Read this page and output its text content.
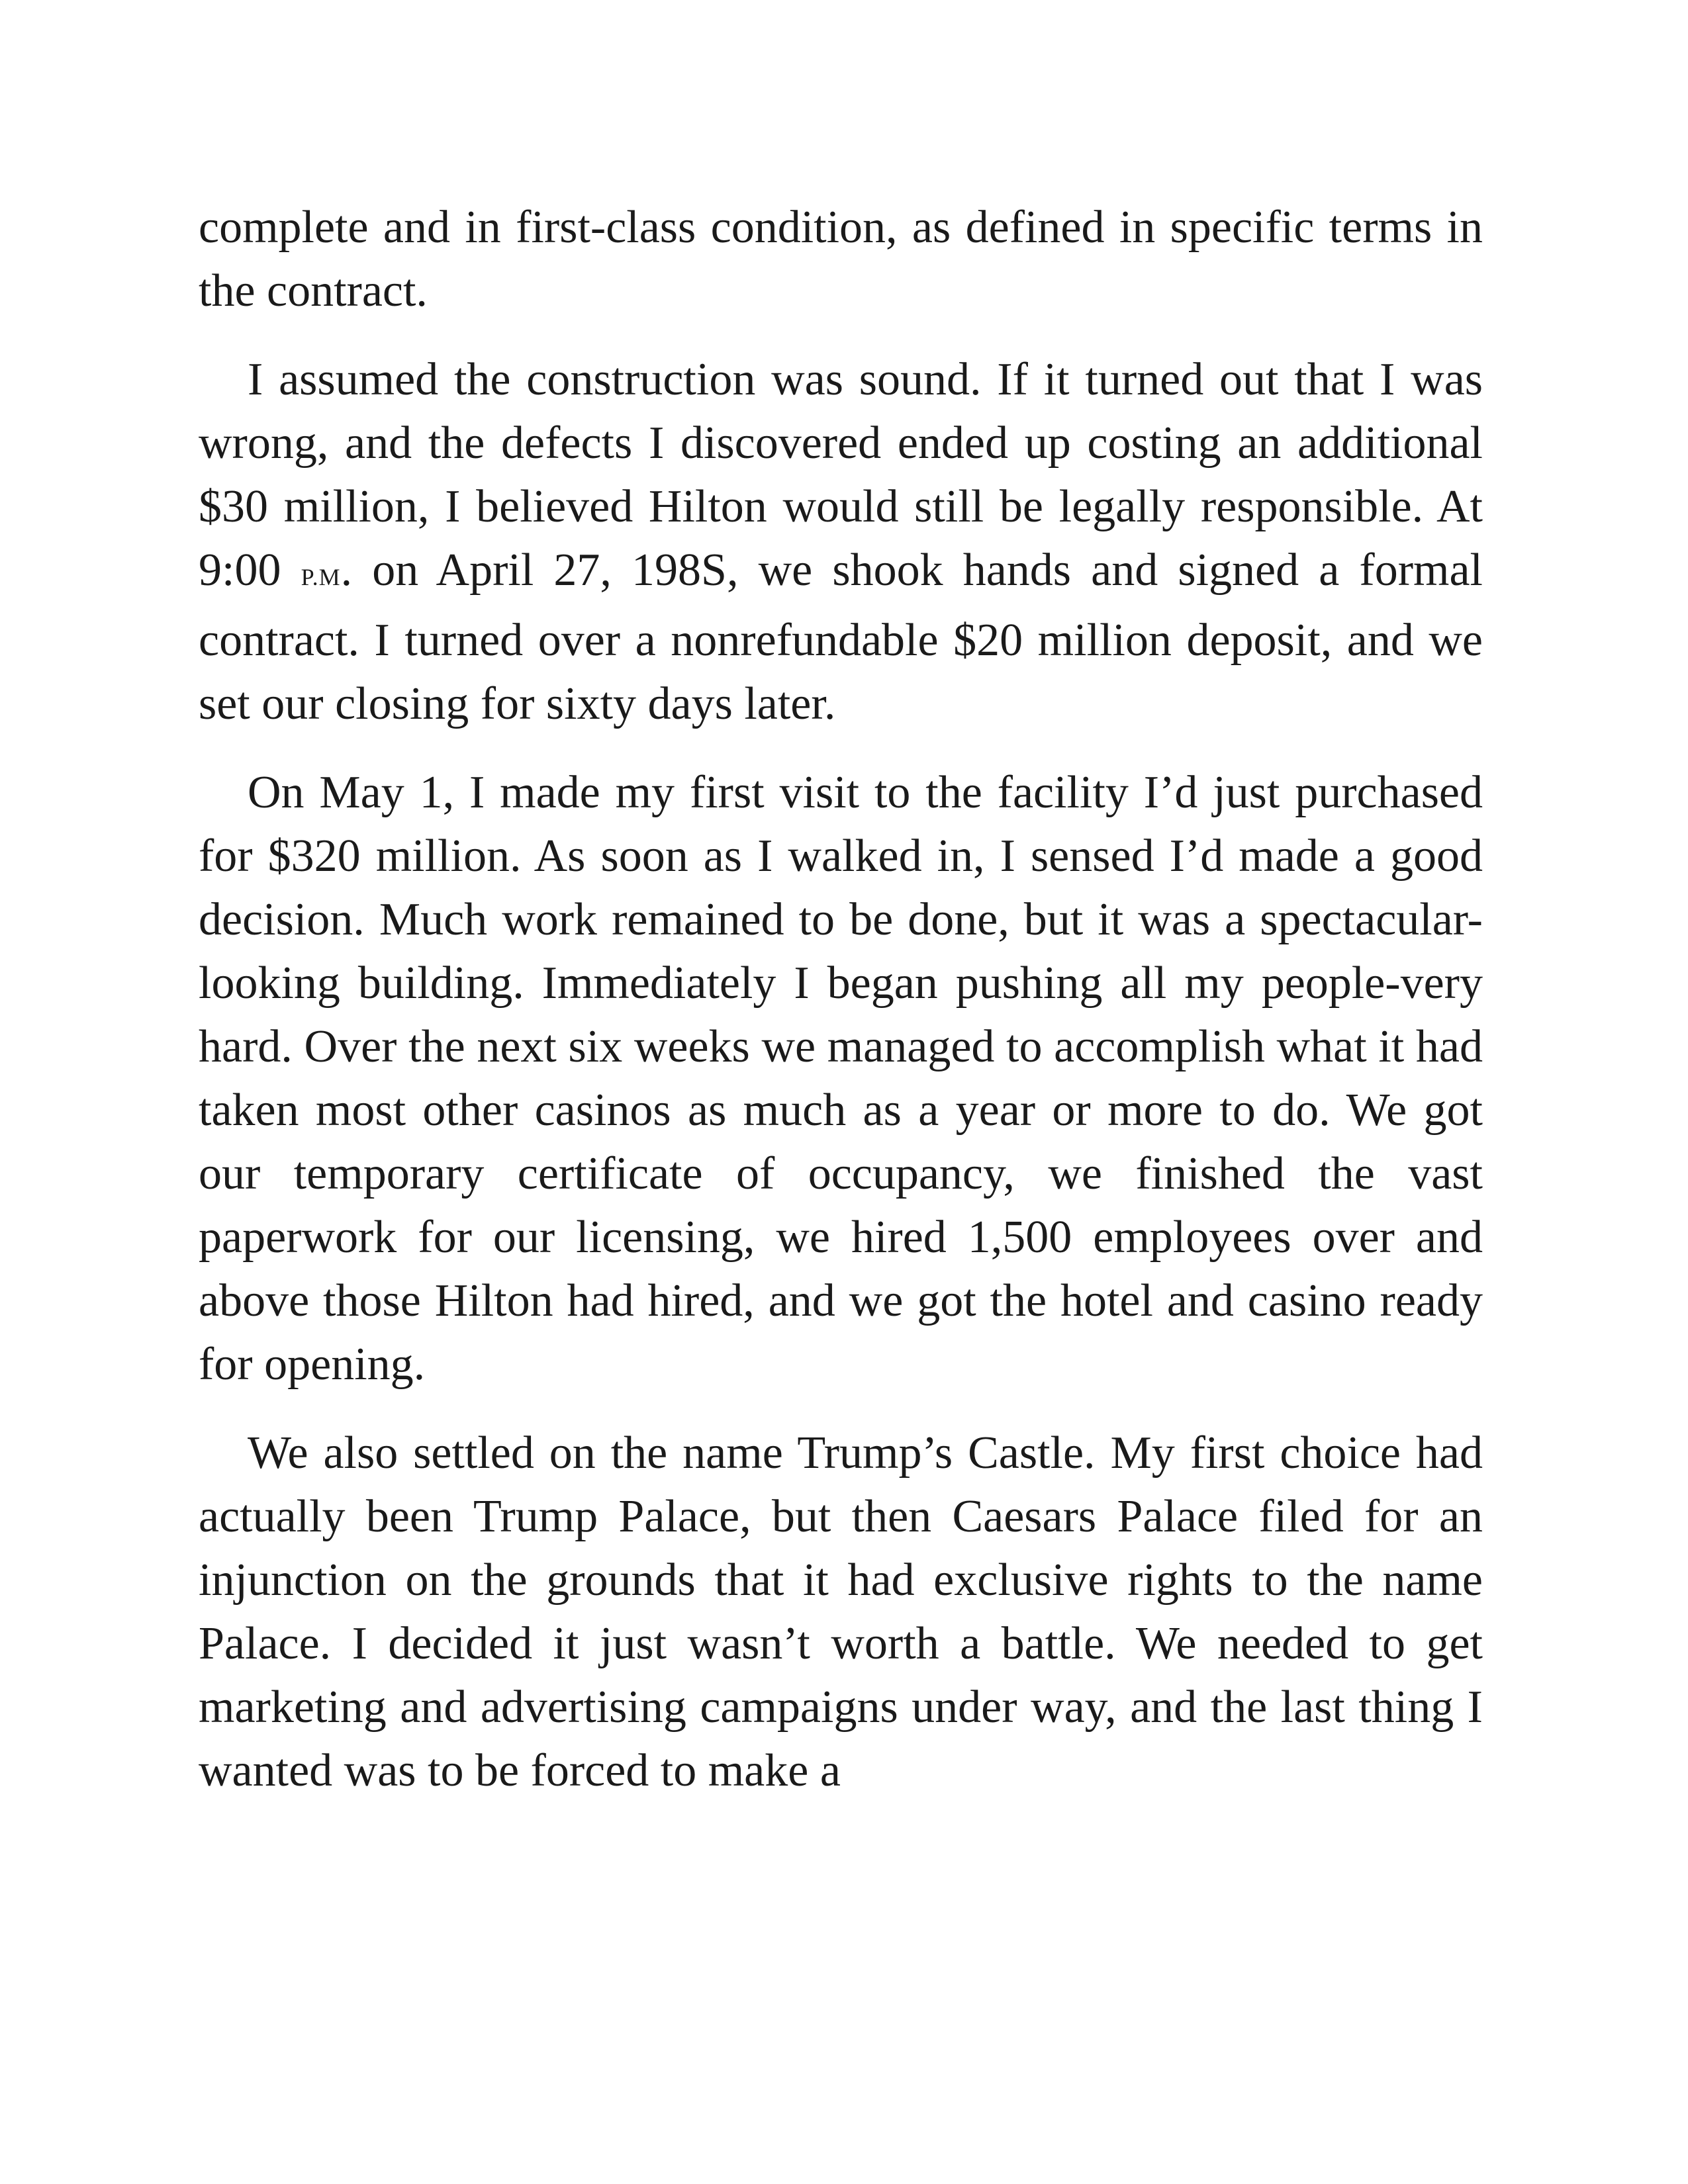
complete and in first-class condition, as defined in specific terms in the contract.

I assumed the construction was sound. If it turned out that I was wrong, and the defects I discovered ended up costing an additional $30 million, I believed Hilton would still be legally responsible. At 9:00 P.M. on April 27, 198S, we shook hands and signed a formal contract. I turned over a nonrefundable $20 million deposit, and we set our closing for sixty days later.

On May 1, I made my first visit to the facility I’d just purchased for $320 million. As soon as I walked in, I sensed I’d made a good decision. Much work remained to be done, but it was a spectacular-looking building. Immediately I began pushing all my people-very hard. Over the next six weeks we managed to accomplish what it had taken most other casinos as much as a year or more to do. We got our temporary certificate of occupancy, we finished the vast paperwork for our licensing, we hired 1,500 employees over and above those Hilton had hired, and we got the hotel and casino ready for opening.

We also settled on the name Trump’s Castle. My first choice had actually been Trump Palace, but then Caesars Palace filed for an injunction on the grounds that it had exclusive rights to the name Palace. I decided it just wasn’t worth a battle. We needed to get marketing and advertising campaigns under way, and the last thing I wanted was to be forced to make a
